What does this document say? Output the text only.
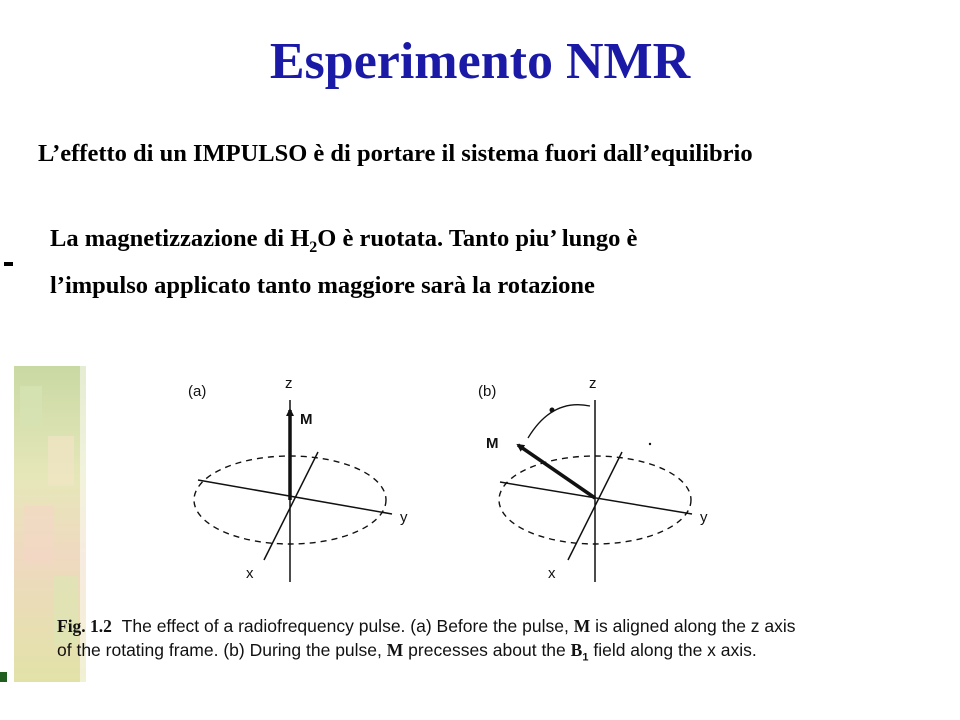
Esperimento NMR
L’effetto di un IMPULSO è di portare il sistema fuori dall’equilibrio
La magnetizzazione di $H_2O$ è ruotata. Tanto piu’ lungo è
l’impulso applicato tanto maggiore sarà la rotazione
(a)	z
M
y
x
(b)	z
M
y
x
Fig. 1.2 The effect of a radiofrequency pulse. (a) Before the pulse, M is aligned along the z axis
of the rotating frame. (b) During the pulse, M precesses about the $B_1$ field along the x axis.
